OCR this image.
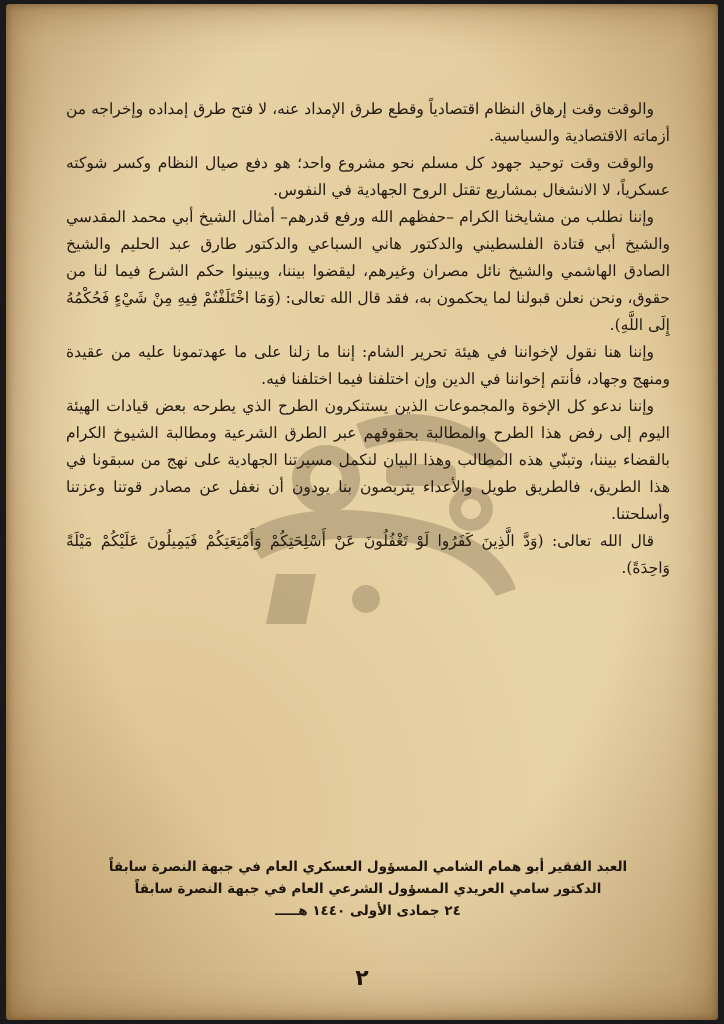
والوقت وقت إرهاق النظام اقتصادياً وقطع طرق الإمداد عنه، لا فتح طرق إمداده وإخراجه من أزماته الاقتصادية والسياسية.

والوقت وقت توحيد جهود كل مسلم نحو مشروع واحد؛ هو دفع صيال النظام وكسر شوكته عسكرياً، لا الانشغال بمشاريع تقتل الروح الجهادية في النفوس.

وإننا نطلب من مشايخنا الكرام –حفظهم الله ورفع قدرهم– أمثال الشيخ أبي محمد المقدسي والشيخ أبي قتادة الفلسطيني والدكتور هاني السباعي والدكتور طارق عبد الحليم والشيخ الصادق الهاشمي والشيخ نائل مصران وغيرهم، ليقضوا بيننا، ويبينوا حكم الشرع فيما لنا من حقوق، ونحن نعلن قبولنا لما يحكمون به، فقد قال الله تعالى: (وَمَا اخْتَلَفْتُمْ فِيهِ مِنْ شَيْءٍ فَحُكْمُهُ إِلَى اللَّهِ).

وإننا هنا نقول لإخواننا في هيئة تحرير الشام: إننا ما زلنا على ما عهدتمونا عليه من عقيدة ومنهج وجهاد، فأنتم إخواننا في الدين وإن اختلفنا فيما اختلفنا فيه.

وإننا ندعو كل الإخوة والمجموعات الذين يستنكرون الطرح الذي يطرحه بعض قيادات الهيئة اليوم إلى رفض هذا الطرح والمطالبة بحقوقهم عبر الطرق الشرعية ومطالبة الشيوخ الكرام بالقضاء بيننا، وتبنّي هذه المطالب وهذا البيان لنكمل مسيرتنا الجهادية على نهج من سبقونا في هذا الطريق، فالطريق طويل والأعداء يتربصون بنا يودون أن نغفل عن مصادر قوتنا وعزتنا وأسلحتنا.

قال الله تعالى: (وَدَّ الَّذِينَ كَفَرُوا لَوْ تَغْفُلُونَ عَنْ أَسْلِحَتِكُمْ وَأَمْتِعَتِكُمْ فَيَمِيلُونَ عَلَيْكُمْ مَيْلَةً وَاحِدَةً).

العبد الفقير أبو همام الشامي المسؤول العسكري العام في جبهة النصرة سابقاً
الدكتور سامي العريدي المسؤول الشرعي العام في جبهة النصرة سابقاً
٢٤ جمادى الأولى ١٤٤٠ هـــــ
٢
